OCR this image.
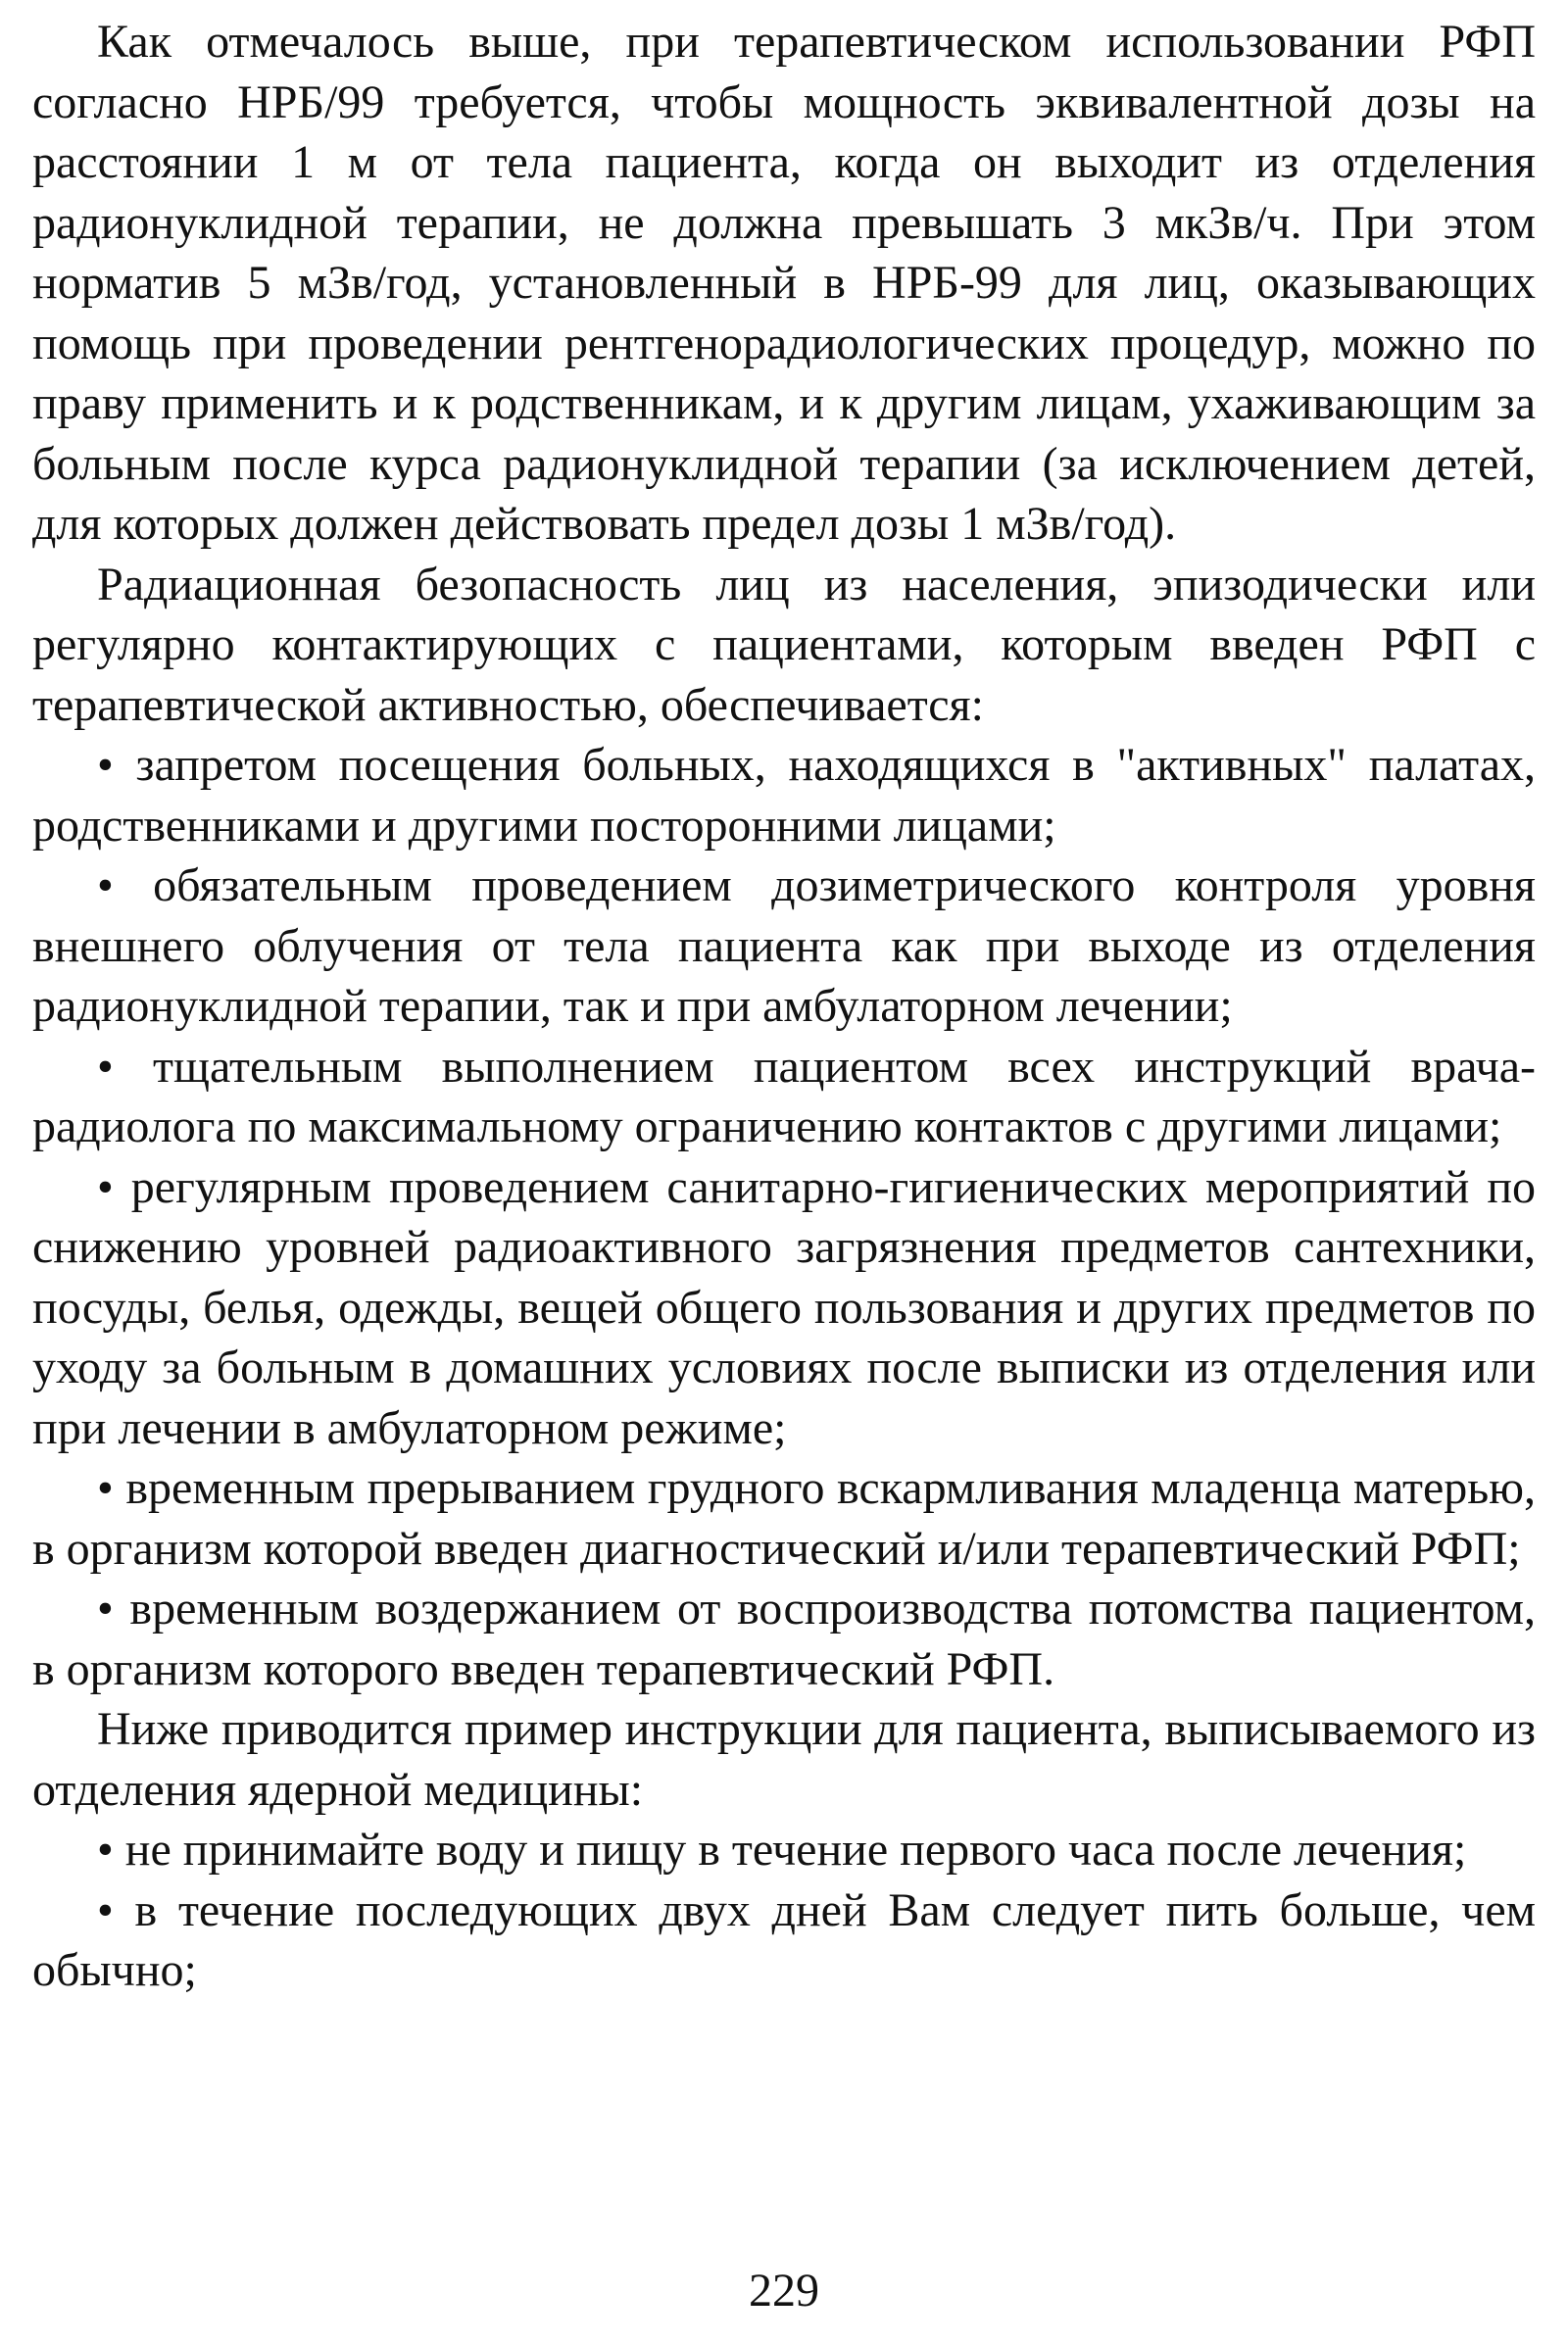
Как отмечалось выше, при терапевтическом использовании РФП согласно НРБ/99 требуется, чтобы мощность эквивалентной дозы на расстоянии 1 м от тела пациента, когда он выходит из отделения радионуклидной терапии, не должна превышать 3 мкЗв/ч. При этом норматив 5 мЗв/год, установленный в НРБ-99 для лиц, оказывающих помощь при проведении рентгенорадиологических процедур, можно по праву применить и к родственникам, и к другим лицам, ухаживающим за больным после курса радионуклидной терапии (за исключением детей, для которых должен действовать предел дозы 1 мЗв/год).

Радиационная безопасность лиц из населения, эпизодически или регулярно контактирующих с пациентами, которым введен РФП с терапевтической активностью, обеспечивается:

• запретом посещения больных, находящихся в "активных" палатах, родственниками и другими посторонними лицами;

• обязательным проведением дозиметрического контроля уровня внешнего облучения от тела пациента как при выходе из отделения радионуклидной терапии, так и при амбулаторном лечении;

• тщательным выполнением пациентом всех инструкций врача-радиолога по максимальному ограничению контактов с другими лицами;

• регулярным проведением санитарно-гигиенических мероприятий по снижению уровней радиоактивного загрязнения предметов сантехники, посуды, белья, одежды, вещей общего пользования и других предметов по уходу за больным в домашних условиях после выписки из отделения или при лечении в амбулаторном режиме;

• временным прерыванием грудного вскармливания младенца матерью, в организм которой введен диагностический и/или терапевтический РФП;

• временным воздержанием от воспроизводства потомства пациентом, в организм которого введен терапевтический РФП.

Ниже приводится пример инструкции для пациента, выписываемого из отделения ядерной медицины:

• не принимайте воду и пищу в течение первого часа после лечения;

• в течение последующих двух дней Вам следует пить больше, чем обычно;

229
